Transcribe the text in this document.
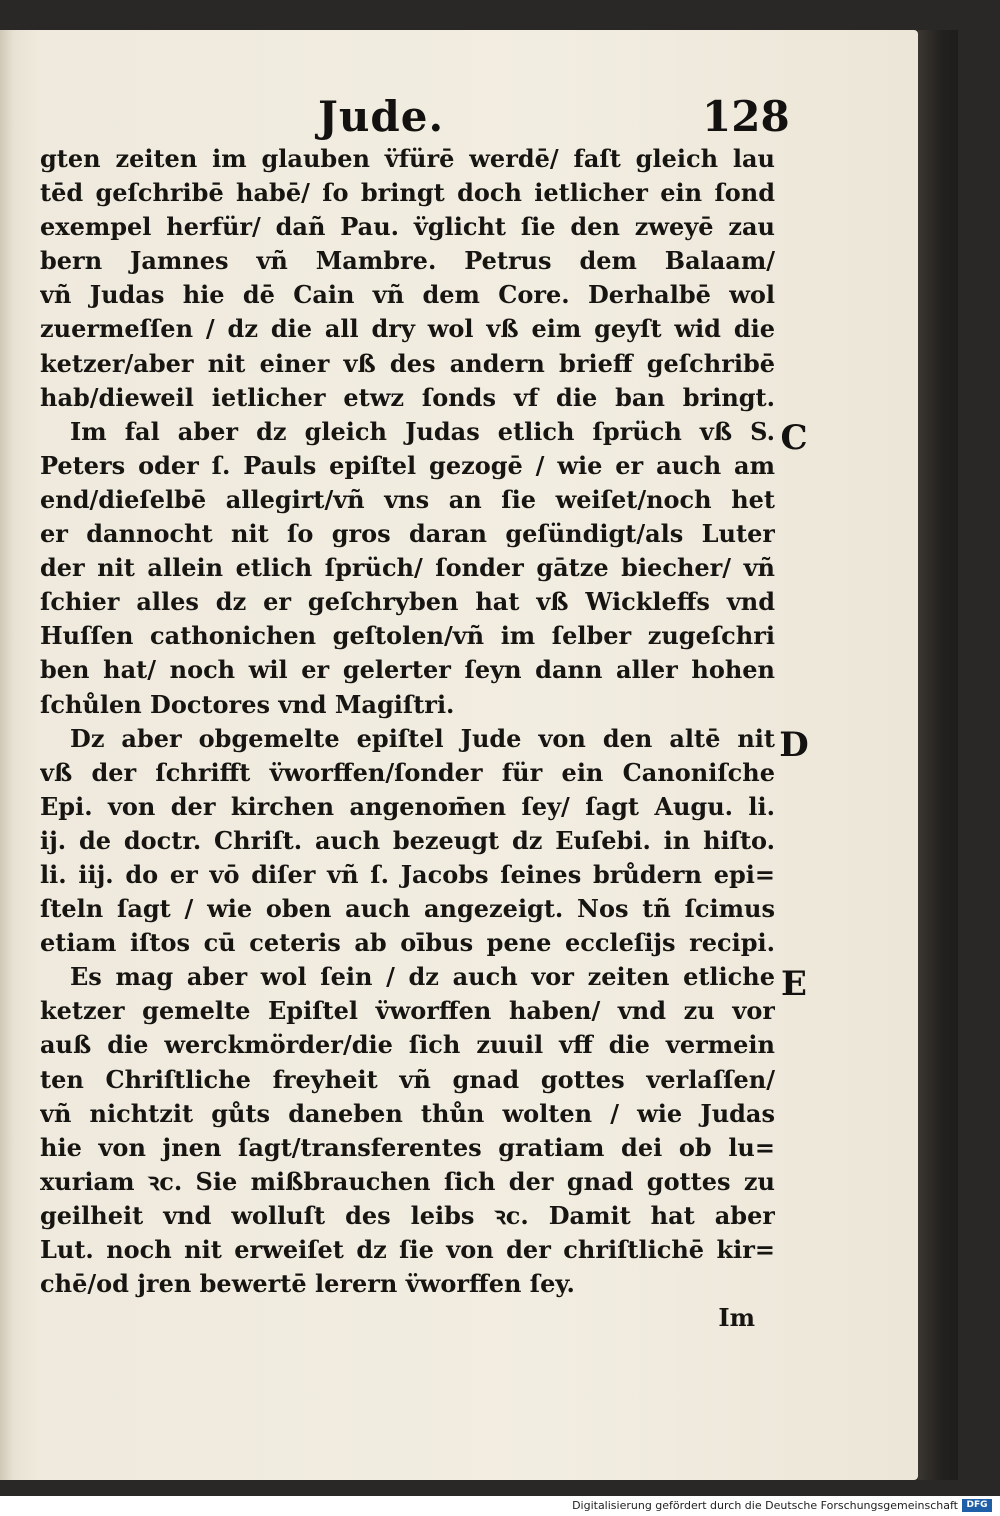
Jude.	128
gten zeiten im glauben v̈fürē werdē/ faſt gleich lau
tēd geſchribē habē/ ſo bringt doch ietlicher ein ſond
exempel herfür/ dañ Pau. v̈glicht ſie den zweyē zau
bern Jamnes vñ Mambre. Petrus dem Balaam/
vñ Judas hie dē Cain vñ dem Core. Derhalbē wol
zuermeſſen / dz die all dry wol vß eim geyſt wid die
ketzer/aber nit einer vß des andern brieff geſchribē
hab/dieweil ietlicher etwz ſonds vf die ban bringt.
Im fal aber dz gleich Judas etlich ſprüch vß S.
Peters oder ſ. Pauls epiſtel gezogē / wie er auch am
end/dieſelbē allegirt/vñ vns an ſie weiſet/noch het
er dannocht nit ſo gros daran geſündigt/als Luter
der nit allein etlich ſprüch/ ſonder gātze biecher/ vñ
ſchier alles dz er geſchryben hat vß Wickleffs vnd
Huſſen cathonichen geſtolen/vñ im ſelber zugeſchri
ben hat/ noch wil er gelerter ſeyn dann aller hohen
ſchůlen Doctores vnd Magiſtri.
Dz aber obgemelte epiſtel Jude von den altē nit
vß der ſchrifft v̈worffen/ſonder für ein Canoniſche
Epi. von der kirchen angenom̄en ſey/ ſagt Augu. li.
ij. de doctr. Chriſt. auch bezeugt dz Euſebi. in hiſto.
li. iij. do er vō diſer vñ ſ. Jacobs ſeines brůdern epi=
ſteln ſagt / wie oben auch angezeigt. Nos tñ ſcimus
etiam iſtos cū ceteris ab oībus pene eccleſijs recipi.
Es mag aber wol ſein / dz auch vor zeiten etliche
ketzer gemelte Epiſtel v̈worffen haben/ vnd zu vor
auß die werckmörder/die ſich zuuil vff die vermein
ten Chriſtliche freyheit vñ gnad gottes verlaſſen/
vñ nichtzit gůts daneben thůn wolten / wie Judas
hie von jnen ſagt/transferentes gratiam dei ob lu=
xuriam ꝛc. Sie mißbrauchen ſich der gnad gottes zu
geilheit vnd wolluſt des leibs ꝛc. Damit hat aber
Lut. noch nit erweiſet dz ſie von der chriſtlichē kir=
chē/od jren bewertē lerern v̈worffen ſey.
Im
C
D
E
Digitalisierung gefördert durch die Deutsche Forschungsgemeinschaft DFG
